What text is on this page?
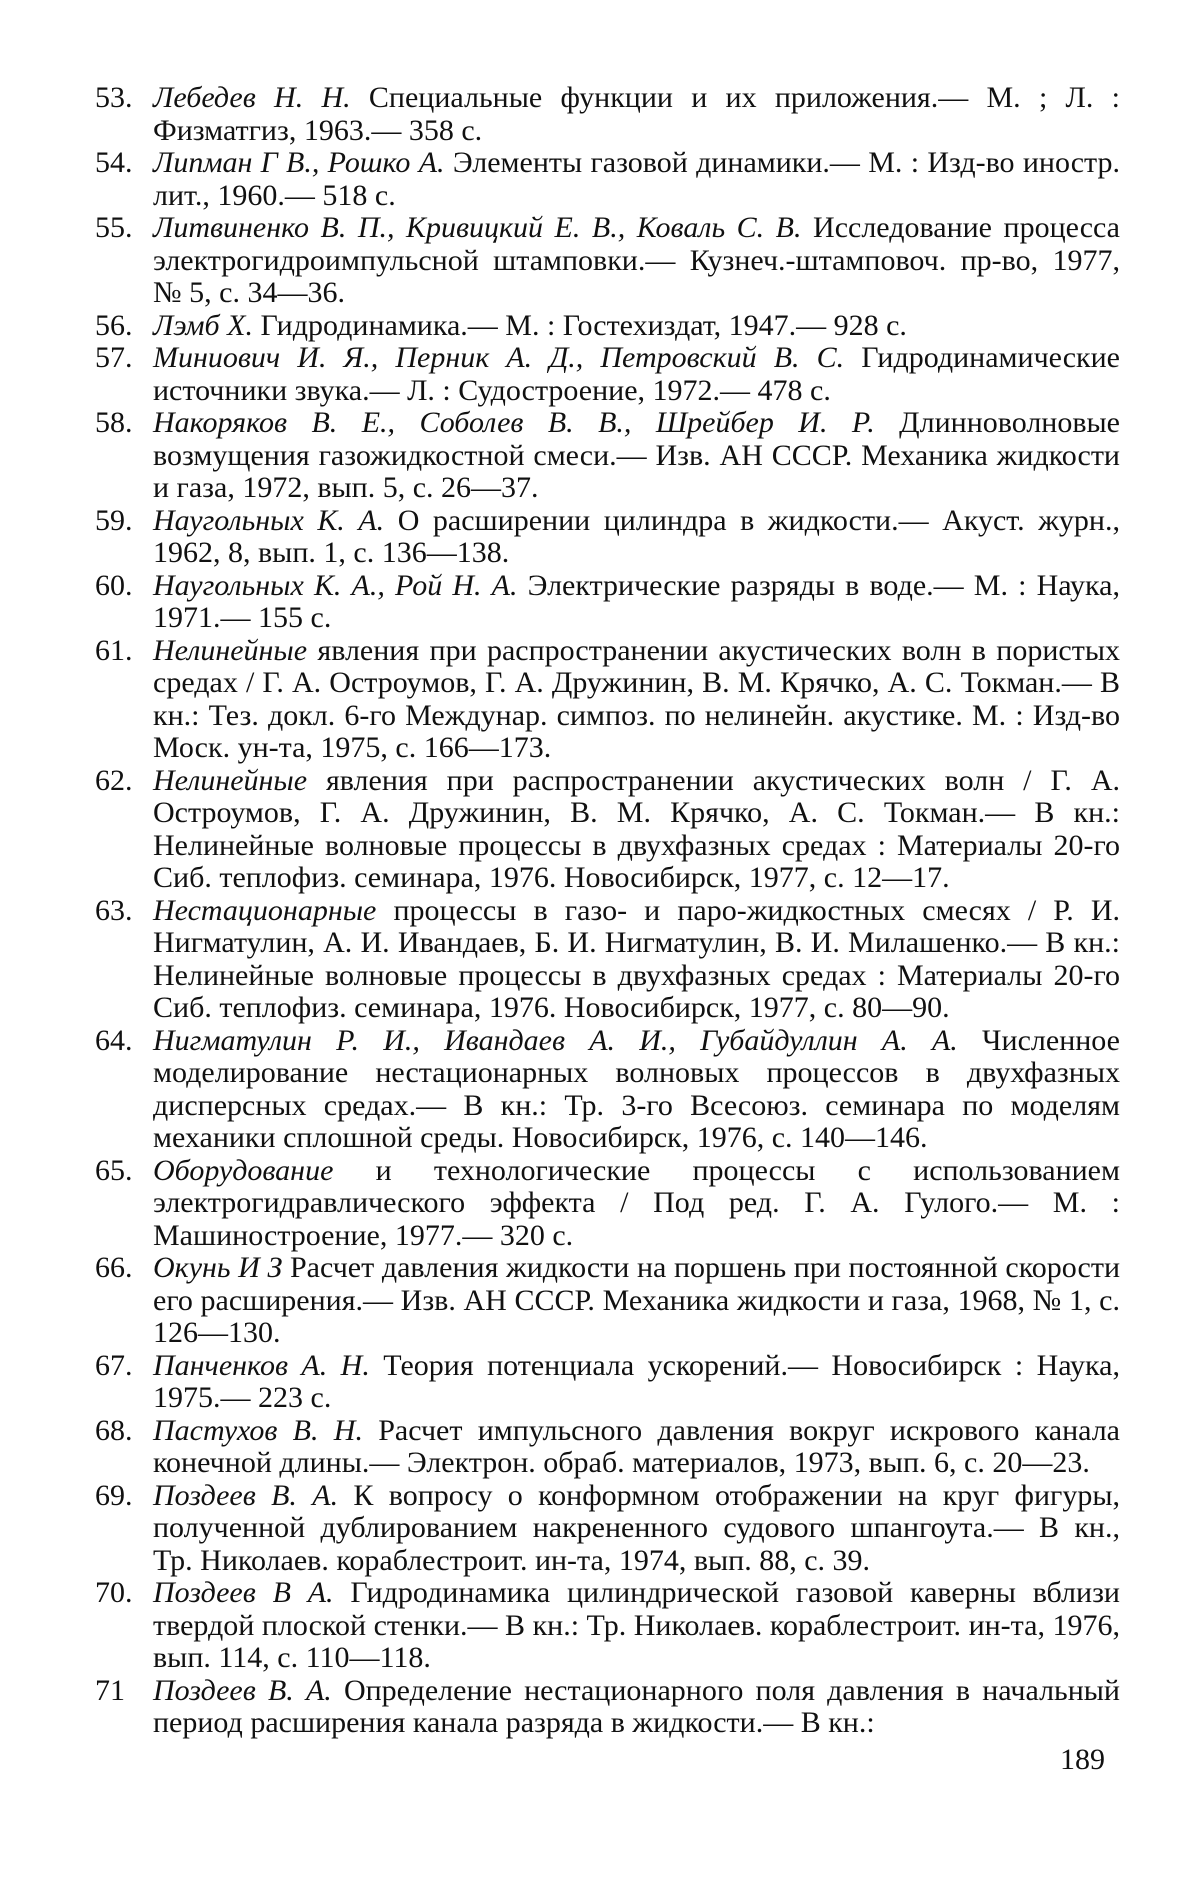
53. Лебедев Н. Н. Специальные функции и их приложения.— М. ; Л. : Физматгиз, 1963.— 358 с.
54. Липман Г В., Рошко А. Элементы газовой динамики.— М. : Изд-во иностр. лит., 1960.— 518 с.
55. Литвиненко В. П., Кривицкий Е. В., Коваль С. В. Исследование процесса электрогидроимпульсной штамповки.— Кузнеч.-штамповоч. пр-во, 1977, № 5, с. 34—36.
56. Лэмб X. Гидродинамика.— М. : Гостехиздат, 1947.— 928 с.
57. Миниович И. Я., Перник А. Д., Петровский В. С. Гидродинамические источники звука.— Л. : Судостроение, 1972.— 478 с.
58. Накоряков В. Е., Соболев В. В., Шрейбер И. Р. Длинноволновые возмущения газожидкостной смеси.— Изв. АН СССР. Механика жидкости и газа, 1972, вып. 5, с. 26—37.
59. Наугольных К. А. О расширении цилиндра в жидкости.— Акуст. журн., 1962, 8, вып. 1, с. 136—138.
60. Наугольных К. А., Рой Н. А. Электрические разряды в воде.— М. : Наука, 1971.— 155 с.
61. Нелинейные явления при распространении акустических волн в пористых средах / Г. А. Остроумов, Г. А. Дружинин, В. М. Крячко, А. С. Токман.— В кн.: Тез. докл. 6-го Междунар. симпоз. по нелинейн. акустике. М. : Изд-во Моск. ун-та, 1975, с. 166—173.
62. Нелинейные явления при распространении акустических волн / Г. А. Остроумов, Г. А. Дружинин, В. М. Крячко, А. С. Токман.— В кн.: Нелинейные волновые процессы в двухфазных средах : Материалы 20-го Сиб. теплофиз. семинара, 1976. Новосибирск, 1977, с. 12—17.
63. Нестационарные процессы в газо- и паро-жидкостных смесях / Р. И. Нигматулин, А. И. Ивандаев, Б. И. Нигматулин, В. И. Милашенко.— В кн.: Нелинейные волновые процессы в двухфазных средах : Материалы 20-го Сиб. теплофиз. семинара, 1976. Новосибирск, 1977, с. 80—90.
64. Нигматулин Р. И., Ивандаев А. И., Губайдуллин А. А. Численное моделирование нестационарных волновых процессов в двухфазных дисперсных средах.— В кн.: Тр. 3-го Всесоюз. семинара по моделям механики сплошной среды. Новосибирск, 1976, с. 140—146.
65. Оборудование и технологические процессы с использованием электрогидравлического эффекта / Под ред. Г. А. Гулого.— М. : Машиностроение, 1977.— 320 с.
66. Окунь И З Расчет давления жидкости на поршень при постоянной скорости его расширения.— Изв. АН СССР. Механика жидкости и газа, 1968, № 1, с. 126—130.
67. Панченков А. Н. Теория потенциала ускорений.— Новосибирск : Наука, 1975.— 223 с.
68. Пастухов В. Н. Расчет импульсного давления вокруг искрового канала конечной длины.— Электрон. обраб. материалов, 1973, вып. 6, с. 20—23.
69. Поздеев В. А. К вопросу о конформном отображении на круг фигуры, полученной дублированием накрененного судового шпангоута.— В кн., Тр. Николаев. кораблестроит. ин-та, 1974, вып. 88, с. 39.
70. Поздеев В А. Гидродинамика цилиндрической газовой каверны вблизи твердой плоской стенки.— В кн.: Тр. Николаев. кораблестроит. ин-та, 1976, вып. 114, с. 110—118.
71 Поздеев В. А. Определение нестационарного поля давления в начальный период расширения канала разряда в жидкости.— В кн.:
189
